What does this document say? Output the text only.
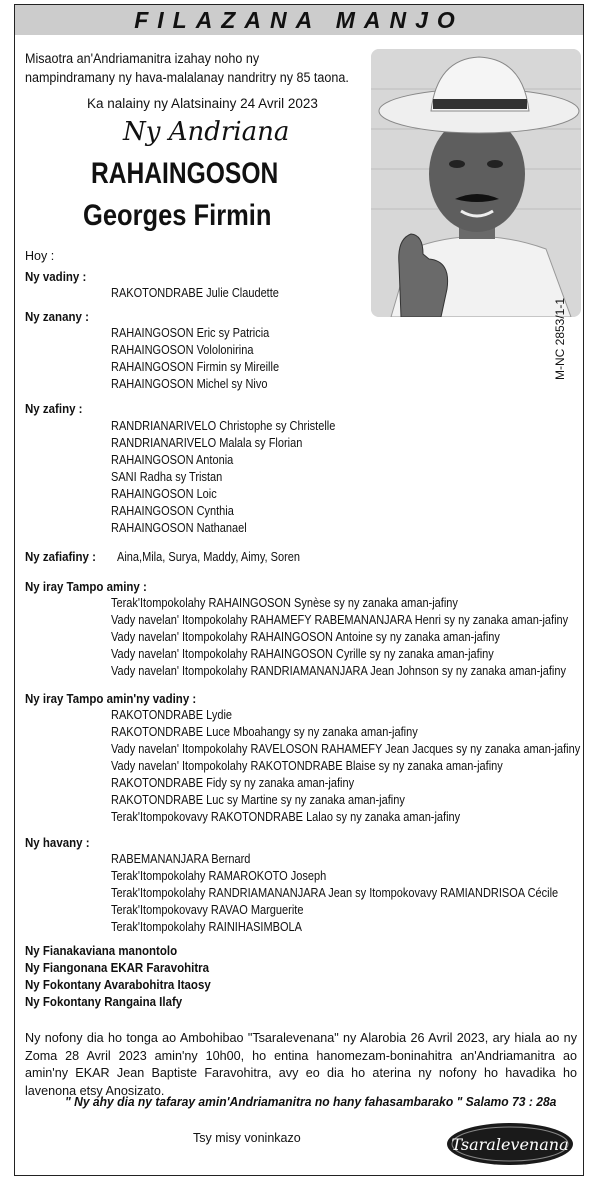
FILAZANA MANJO
Misaotra an'Andriamanitra izahay noho ny nampindramany ny hava-malalanay nandritry ny 85 taona.
Ka nalainy ny Alatsinainy 24 Avril 2023
Ny Andriana
RAHAINGOSON
Georges Firmin
M-NC 2853/1-1
Hoy :
Ny vadiny :
RAKOTONDRABE Julie Claudette
Ny zanany :
RAHAINGOSON Eric sy Patricia
RAHAINGOSON Vololonirina
RAHAINGOSON Firmin sy Mireille
RAHAINGOSON Michel sy Nivo
Ny zafiny :
RANDRIANARIVELO Christophe sy Christelle
RANDRIANARIVELO Malala sy Florian
RAHAINGOSON Antonia
SANI Radha sy Tristan
RAHAINGOSON Loic
RAHAINGOSON Cynthia
RAHAINGOSON Nathanael
Ny zafiafiny : Aina,Mila, Surya, Maddy, Aimy, Soren
Ny iray Tampo aminy :
Terak'Itompokolahy RAHAINGOSON Synèse sy ny zanaka aman-jafiny
Vady navelan' Itompokolahy RAHAMEFY RABEMANANJARA Henri sy ny zanaka aman-jafiny
Vady navelan' Itompokolahy RAHAINGOSON Antoine sy ny zanaka aman-jafiny
Vady navelan' Itompokolahy RAHAINGOSON Cyrille sy ny zanaka aman-jafiny
Vady navelan' Itompokolahy RANDRIAMANANJARA Jean Johnson sy ny zanaka aman-jafiny
Ny iray Tampo amin'ny vadiny :
RAKOTONDRABE Lydie
RAKOTONDRABE Luce Mboahangy sy ny zanaka aman-jafiny
Vady navelan' Itompokolahy RAVELOSON RAHAMEFY Jean Jacques sy ny zanaka aman-jafiny
Vady navelan' Itompokolahy RAKOTONDRABE Blaise sy ny zanaka aman-jafiny
RAKOTONDRABE Fidy sy ny zanaka aman-jafiny
RAKOTONDRABE Luc sy Martine sy ny zanaka aman-jafiny
Terak'Itompokovavy RAKOTONDRABE Lalao sy ny zanaka aman-jafiny
Ny havany :
RABEMANANJARA Bernard
Terak'Itompokolahy RAMAROKOTO Joseph
Terak'Itompokolahy RANDRIAMANANJARA Jean sy Itompokovavy RAMIANDRISOA Cécile
Terak'Itompokovavy RAVAO Marguerite
Terak'Itompokolahy RAINIHASIMBOLA
Ny Fianakaviana manontolo
Ny Fiangonana EKAR Faravohitra
Ny Fokontany Avarabohitra Itaosy
Ny Fokontany Rangaina Ilafy
Ny nofony dia ho tonga ao Ambohibao "Tsaralevenana" ny Alarobia 26 Avril 2023, ary hiala ao ny Zoma 28 Avril 2023 amin'ny 10h00, ho entina hanomezam-boninahitra an'Andriamanitra ao amin'ny EKAR Jean Baptiste Faravohitra, avy eo dia ho aterina ny nofony ho havadika ho lavenona etsy Anosizato.
" Ny ahy dia ny tafaray amin'Andriamanitra no hany fahasambarako " Salamo 73 : 28a
Tsy misy voninkazo	Tsaralevenana
